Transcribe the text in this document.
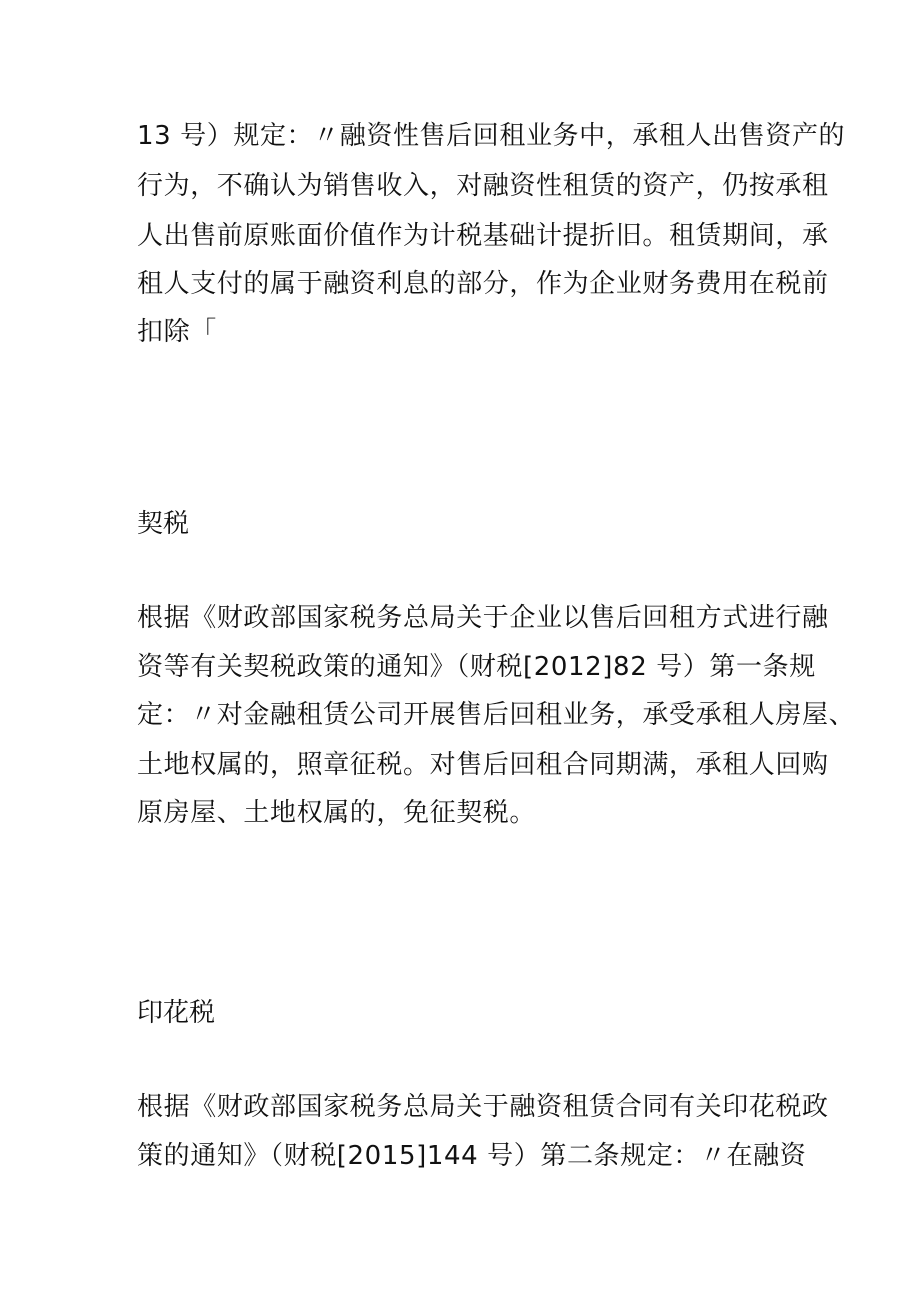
13 号）规定：〃融资性售后回租业务中，承租人出售资产的
行为，不确认为销售收入，对融资性租赁的资产，仍按承租
人出售前原账面价值作为计税基础计提折旧。租赁期间，承
租人支付的属于融资利息的部分，作为企业财务费用在税前
扣除「
契税
根据《财政部国家税务总局关于企业以售后回租方式进行融
资等有关契税政策的通知》（财税[2012]82 号）第一条规
定：〃对金融租赁公司开展售后回租业务，承受承租人房屋、
土地权属的，照章征税。对售后回租合同期满，承租人回购
原房屋、土地权属的，免征契税。
印花税
根据《财政部国家税务总局关于融资租赁合同有关印花税政
策的通知》（财税[2015]144 号）第二条规定：〃在融资
